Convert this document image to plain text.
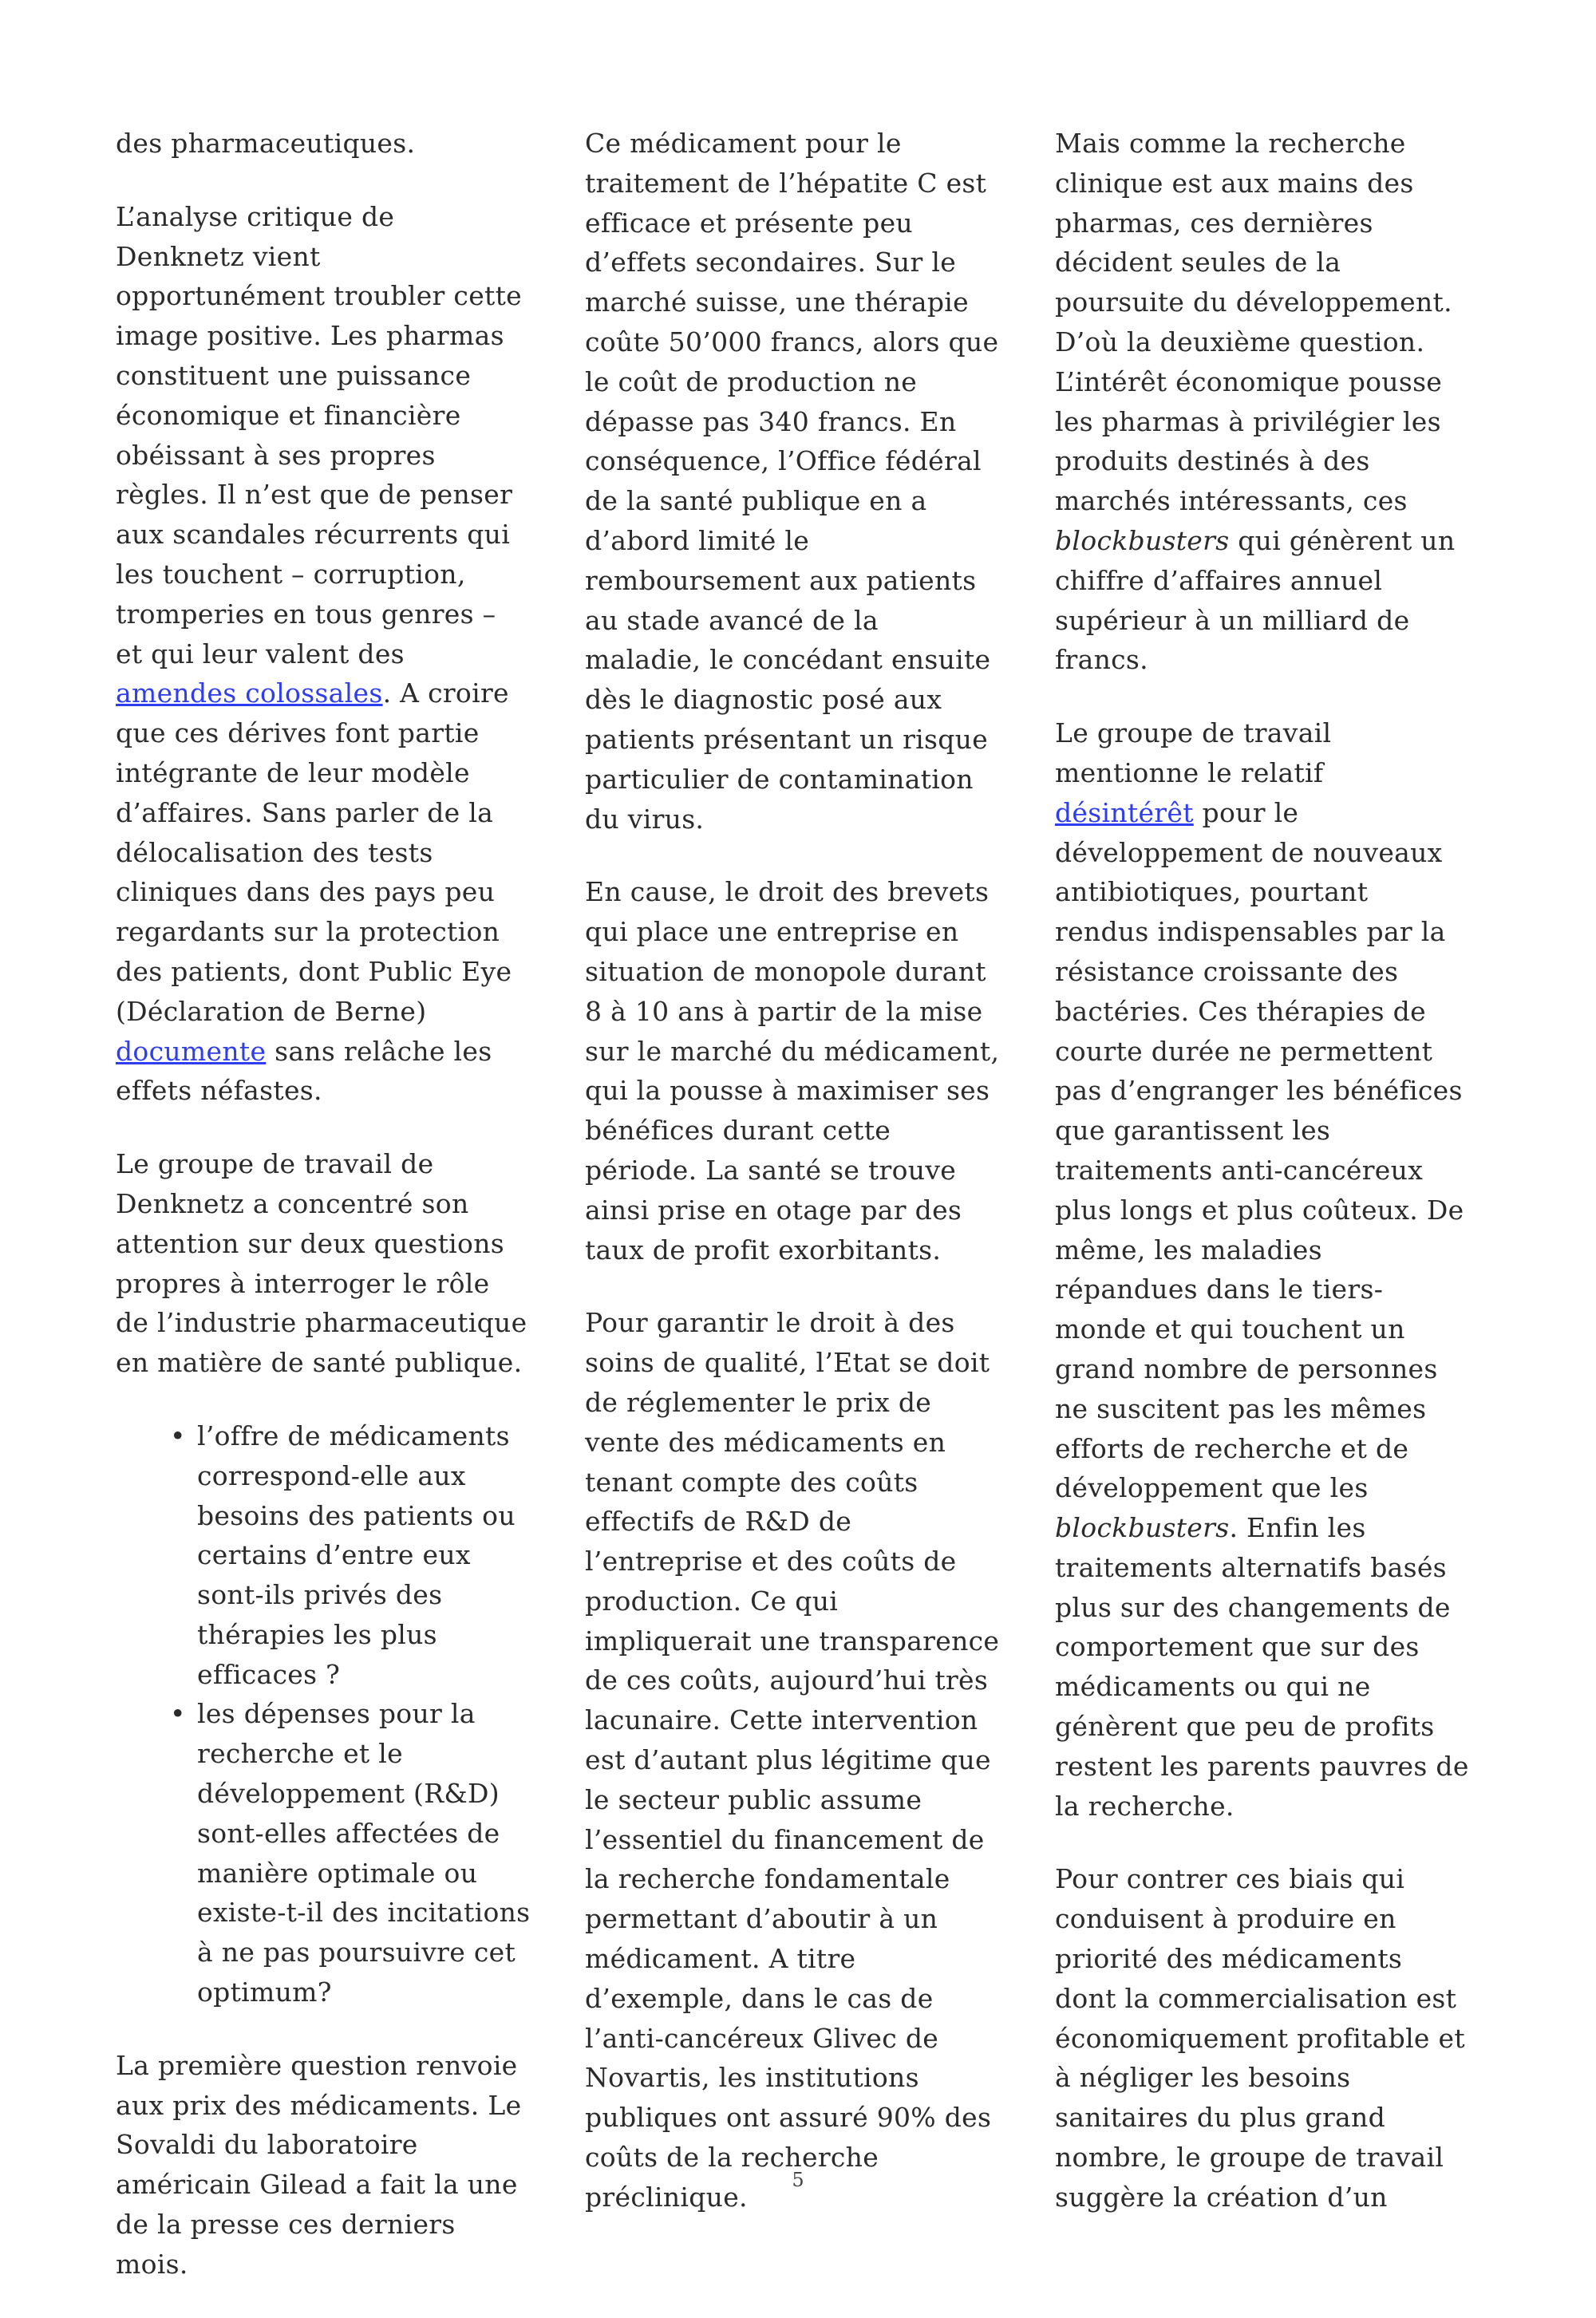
des pharmaceutiques.

L’analyse critique de Denknetz vient opportunément troubler cette image positive. Les pharmas constituent une puissance économique et financière obéissant à ses propres règles. Il n’est que de penser aux scandales récurrents qui les touchent – corruption, tromperies en tous genres – et qui leur valent des amendes colossales. A croire que ces dérives font partie intégrante de leur modèle d’affaires. Sans parler de la délocalisation des tests cliniques dans des pays peu regardants sur la protection des patients, dont Public Eye (Déclaration de Berne) documente sans relâche les effets néfastes.

Le groupe de travail de Denknetz a concentré son attention sur deux questions propres à interroger le rôle de l’industrie pharmaceutique en matière de santé publique.

• l’offre de médicaments correspond-elle aux besoins des patients ou certains d’entre eux sont-ils privés des thérapies les plus efficaces ?
• les dépenses pour la recherche et le développement (R&D) sont-elles affectées de manière optimale ou existe-t-il des incitations à ne pas poursuivre cet optimum?

La première question renvoie aux prix des médicaments. Le Sovaldi du laboratoire américain Gilead a fait la une de la presse ces derniers mois.

Ce médicament pour le traitement de l’hépatite C est efficace et présente peu d’effets secondaires. Sur le marché suisse, une thérapie coûte 50’000 francs, alors que le coût de production ne dépasse pas 340 francs. En conséquence, l’Office fédéral de la santé publique en a d’abord limité le remboursement aux patients au stade avancé de la maladie, le concédant ensuite dès le diagnostic posé aux patients présentant un risque particulier de contamination du virus.

En cause, le droit des brevets qui place une entreprise en situation de monopole durant 8 à 10 ans à partir de la mise sur le marché du médicament, qui la pousse à maximiser ses bénéfices durant cette période. La santé se trouve ainsi prise en otage par des taux de profit exorbitants.

Pour garantir le droit à des soins de qualité, l’Etat se doit de réglementer le prix de vente des médicaments en tenant compte des coûts effectifs de R&D de l’entreprise et des coûts de production. Ce qui impliquerait une transparence de ces coûts, aujourd’hui très lacunaire. Cette intervention est d’autant plus légitime que le secteur public assume l’essentiel du financement de la recherche fondamentale permettant d’aboutir à un médicament. A titre d’exemple, dans le cas de l’anti-cancéreux Glivec de Novartis, les institutions publiques ont assuré 90% des coûts de la recherche préclinique.

Mais comme la recherche clinique est aux mains des pharmas, ces dernières décident seules de la poursuite du développement. D’où la deuxième question. L’intérêt économique pousse les pharmas à privilégier les produits destinés à des marchés intéressants, ces blockbusters qui génèrent un chiffre d’affaires annuel supérieur à un milliard de francs.

Le groupe de travail mentionne le relatif désintérêt pour le développement de nouveaux antibiotiques, pourtant rendus indispensables par la résistance croissante des bactéries. Ces thérapies de courte durée ne permettent pas d’engranger les bénéfices que garantissent les traitements anti-cancéreux plus longs et plus coûteux. De même, les maladies répandues dans le tiers-monde et qui touchent un grand nombre de personnes ne suscitent pas les mêmes efforts de recherche et de développement que les blockbusters. Enfin les traitements alternatifs basés plus sur des changements de comportement que sur des médicaments ou qui ne génèrent que peu de profits restent les parents pauvres de la recherche.

Pour contrer ces biais qui conduisent à produire en priorité des médicaments dont la commercialisation est économiquement profitable et à négliger les besoins sanitaires du plus grand nombre, le groupe de travail suggère la création d’un

5
